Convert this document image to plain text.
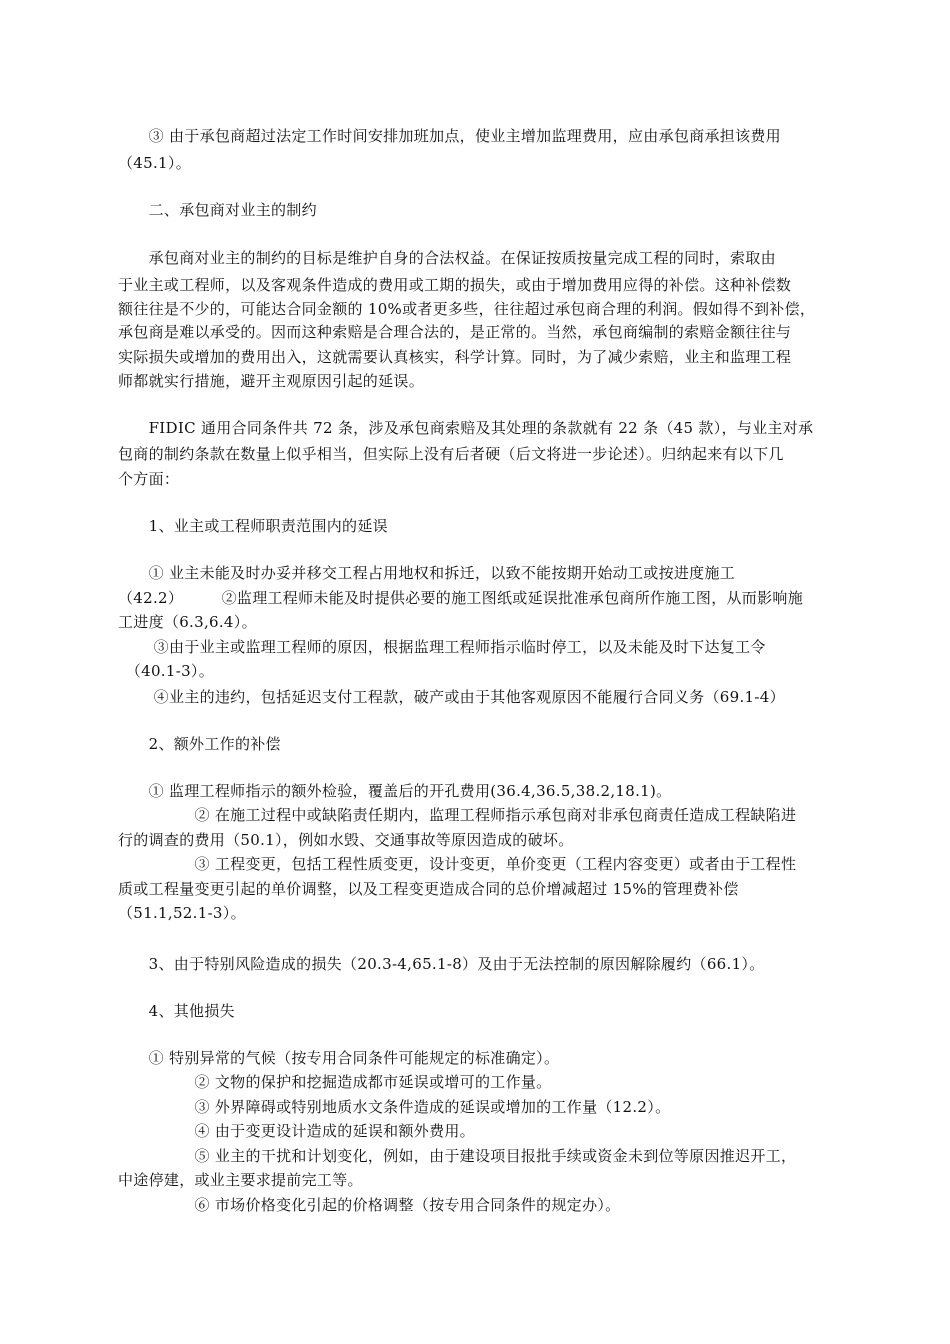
　　③ 由于承包商超过法定工作时间安排加班加点，使业主增加监理费用，应由承包商承担该费用
（45.1）。
　　二、承包商对业主的制约
　　承包商对业主的制约的目标是维护自身的合法权益。在保证按质按量完成工程的同时，索取由
于业主或工程师，以及客观条件造成的费用或工期的损失，或由于增加费用应得的补偿。这种补偿数
额往往是不少的，可能达合同金额的 10%或者更多些，往往超过承包商合理的利润。假如得不到补偿，
承包商是难以承受的。因而这种索赔是合理合法的，是正常的。当然，承包商编制的索赔金额往往与
实际损失或增加的费用出入，这就需要认真核实，科学计算。同时，为了减少索赔，业主和监理工程
师都就实行措施，避开主观原因引起的延误。
　　FIDIC 通用合同条件共 72 条，涉及承包商索赔及其处理的条款就有 22 条（45 款），与业主对承
包商的制约条款在数量上似乎相当，但实际上没有后者硬（后文将进一步论述）。归纳起来有以下几
个方面：
　　1、业主或工程师职责范围内的延误
　　① 业主未能及时办妥并移交工程占用地权和拆迁，以致不能按期开始动工或按进度施工
（42.2）　　　②监理工程师未能及时提供必要的施工图纸或延误批准承包商所作施工图，从而影响施
工进度（6.3,6.4）。
　　 ③由于业主或监理工程师的原因，根据监理工程师指示临时停工，以及未能及时下达复工令
　（40.1-3）。
　　 ④业主的违约，包括延迟支付工程款，破产或由于其他客观原因不能履行合同义务（69.1-4）
　　2、额外工作的补偿
　　① 监理工程师指示的额外检验，覆盖后的开孔费用(36.4,36.5,38.2,18.1)。
　　　　　② 在施工过程中或缺陷责任期内，监理工程师指示承包商对非承包商责任造成工程缺陷进
行的调查的费用（50.1），例如水毁、交通事故等原因造成的破坏。
　　　　　③ 工程变更，包括工程性质变更，设计变更，单价变更（工程内容变更）或者由于工程性
质或工程量变更引起的单价调整，以及工程变更造成合同的总价增减超过 15%的管理费补偿
（51.1,52.1-3）。
　　3、由于特别风险造成的损失（20.3-4,65.1-8）及由于无法控制的原因解除履约（66.1）。
　　4、其他损失
　　① 特别异常的气候（按专用合同条件可能规定的标准确定）。
　　　　　② 文物的保护和挖掘造成都市延误或增可的工作量。
　　　　　③ 外界障碍或特别地质水文条件造成的延误或增加的工作量（12.2）。
　　　　　④ 由于变更设计造成的延误和额外费用。
　　　　　⑤ 业主的干扰和计划变化，例如，由于建设项目报批手续或资金未到位等原因推迟开工，
中途停建，或业主要求提前完工等。
　　　　　⑥ 市场价格变化引起的价格调整（按专用合同条件的规定办）。
